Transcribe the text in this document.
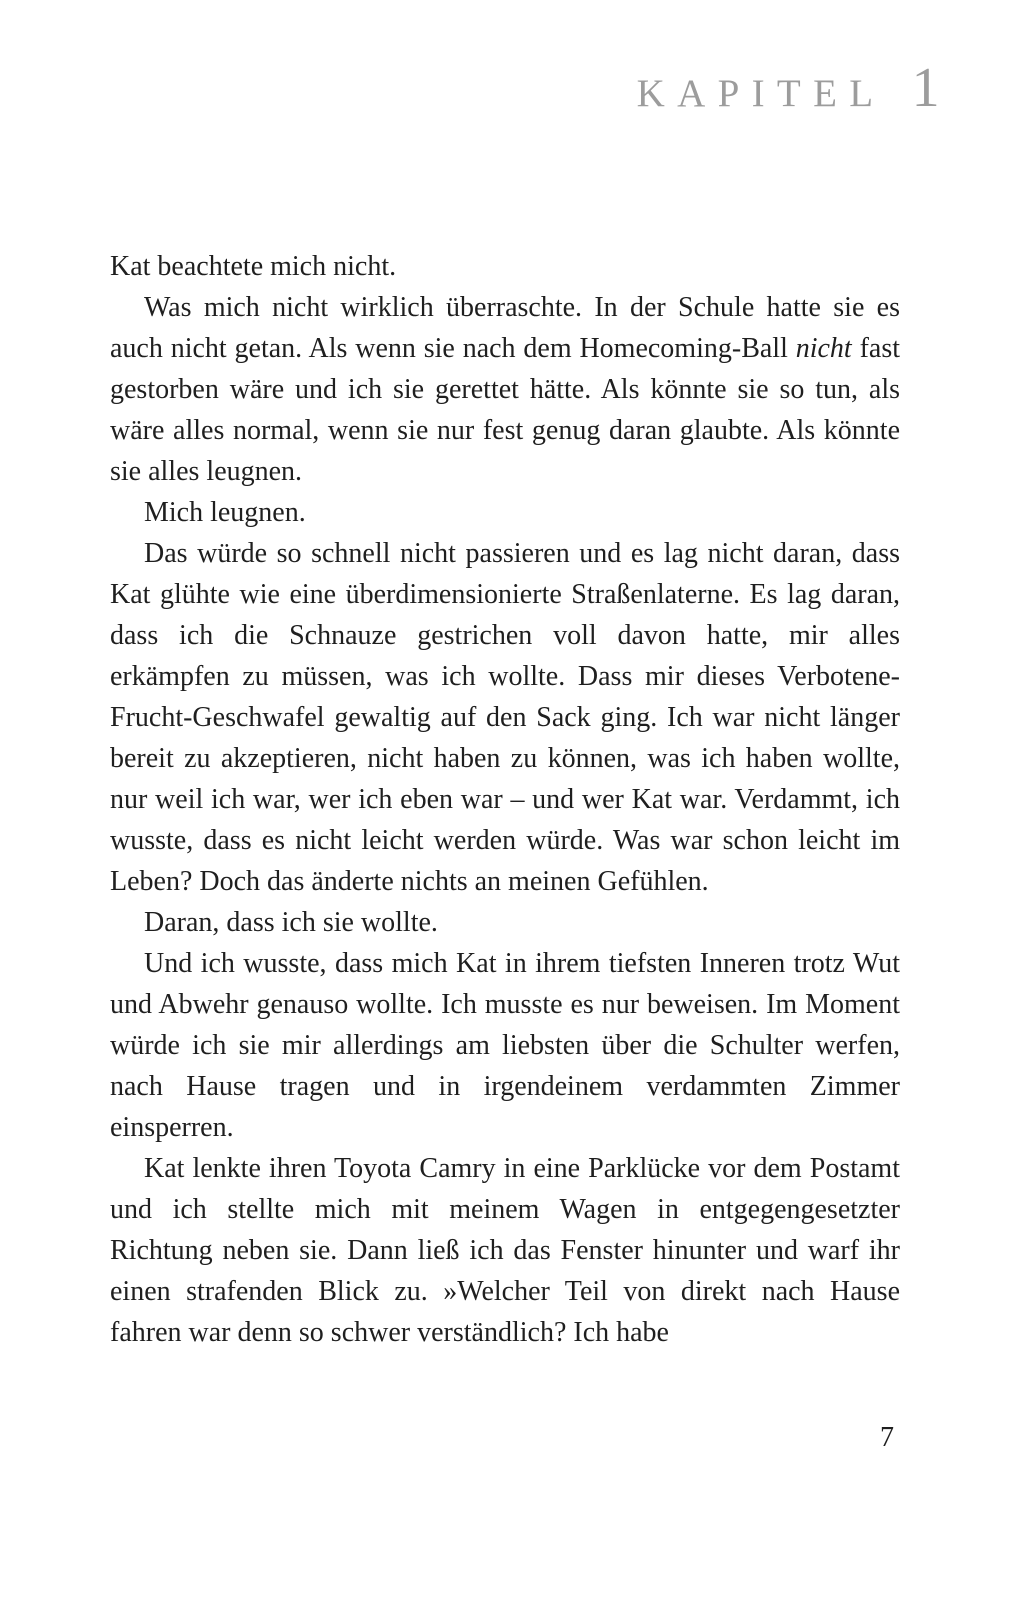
kapitel 1

Kat beachtete mich nicht.

Was mich nicht wirklich überraschte. In der Schule hatte sie es auch nicht getan. Als wenn sie nach dem Homecoming-Ball nicht fast gestorben wäre und ich sie gerettet hätte. Als könnte sie so tun, als wäre alles normal, wenn sie nur fest genug daran glaubte. Als könnte sie alles leugnen.

Mich leugnen.

Das würde so schnell nicht passieren und es lag nicht daran, dass Kat glühte wie eine überdimensionierte Straßenlaterne. Es lag daran, dass ich die Schnauze gestrichen voll davon hatte, mir alles erkämpfen zu müssen, was ich wollte. Dass mir dieses Verbotene-Frucht-Geschwafel gewaltig auf den Sack ging. Ich war nicht länger bereit zu akzeptieren, nicht haben zu können, was ich haben wollte, nur weil ich war, wer ich eben war – und wer Kat war. Verdammt, ich wusste, dass es nicht leicht werden würde. Was war schon leicht im Leben? Doch das änderte nichts an meinen Gefühlen.

Daran, dass ich sie wollte.

Und ich wusste, dass mich Kat in ihrem tiefsten Inneren trotz Wut und Abwehr genauso wollte. Ich musste es nur beweisen. Im Moment würde ich sie mir allerdings am liebsten über die Schulter werfen, nach Hause tragen und in irgendeinem verdammten Zimmer einsperren.

Kat lenkte ihren Toyota Camry in eine Parklücke vor dem Postamt und ich stellte mich mit meinem Wagen in entgegengesetzter Richtung neben sie. Dann ließ ich das Fenster hinunter und warf ihr einen strafenden Blick zu. »Welcher Teil von direkt nach Hause fahren war denn so schwer verständlich? Ich habe

7
